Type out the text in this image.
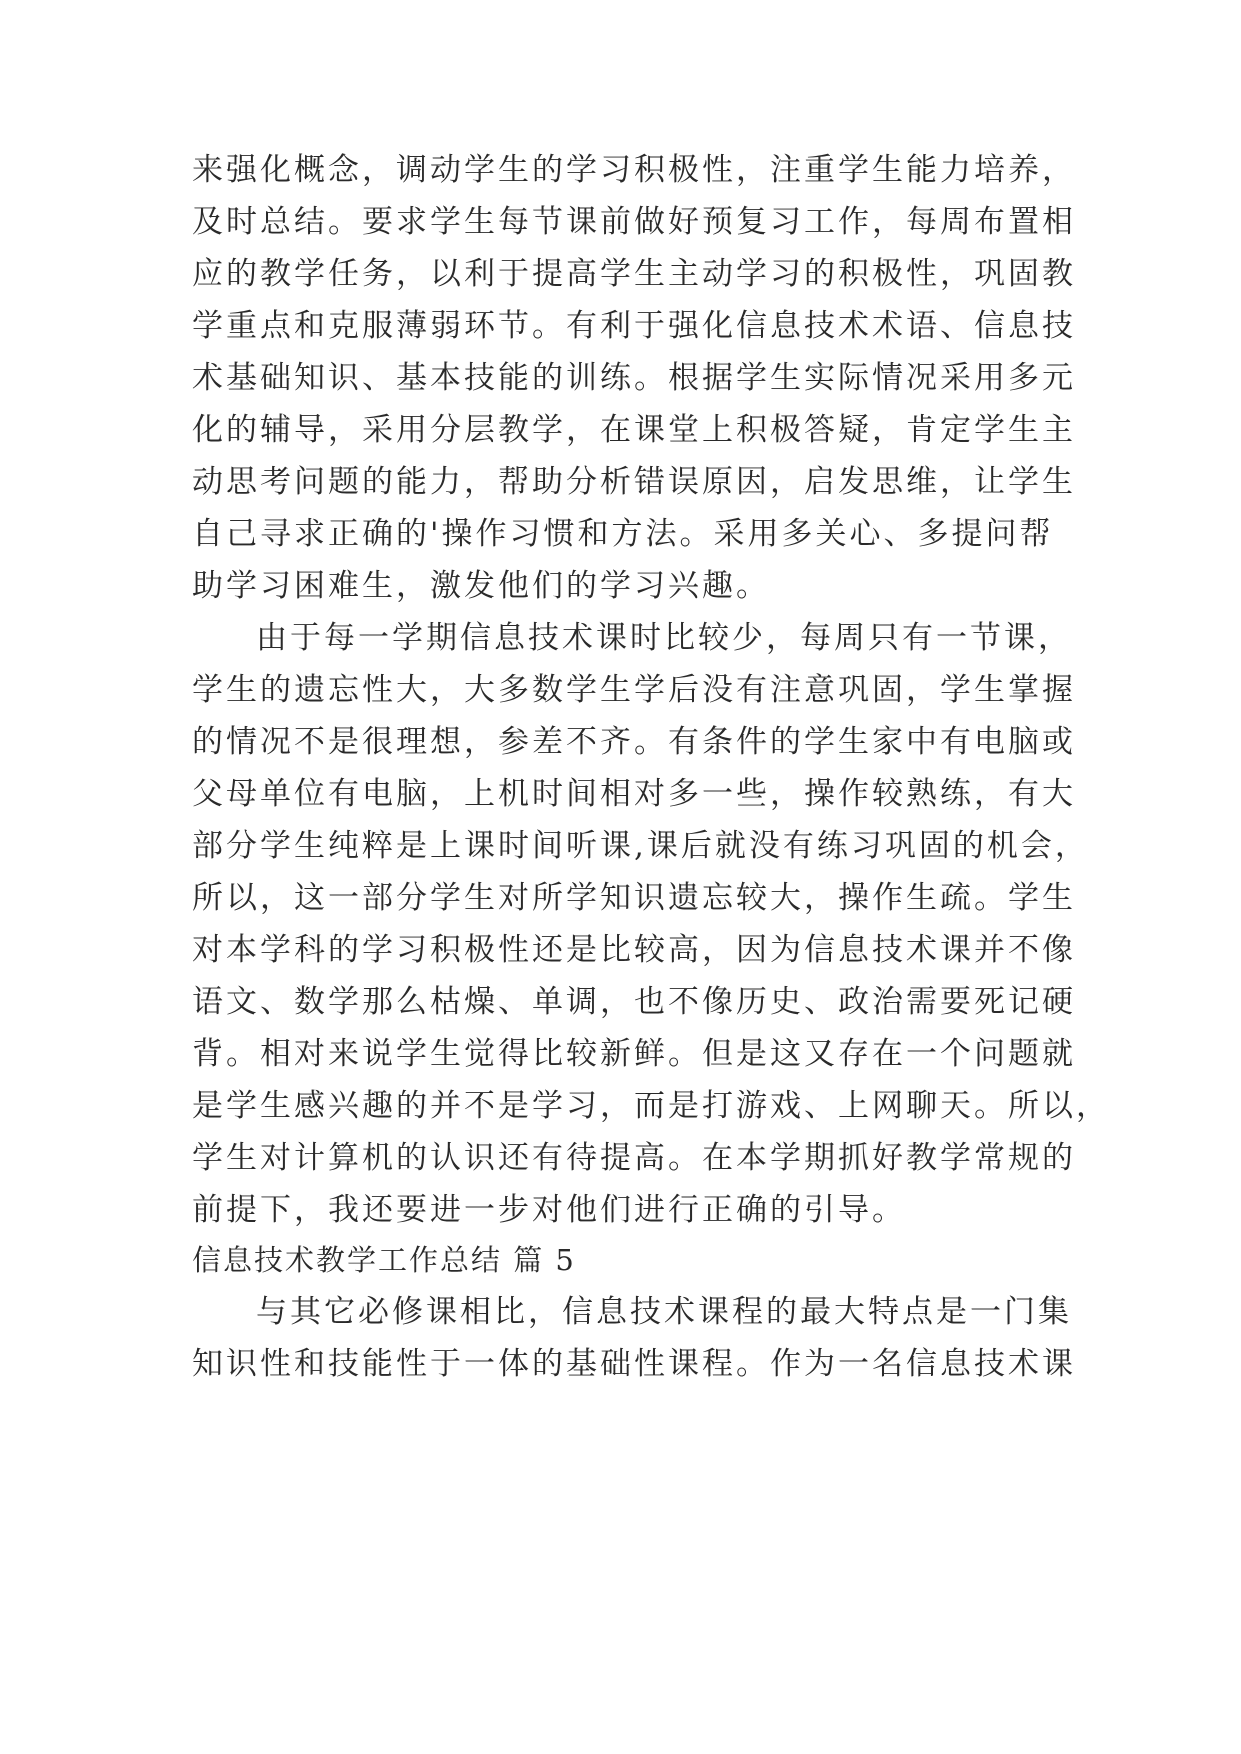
来强化概念，调动学生的学习积极性，注重学生能力培养，
及时总结。要求学生每节课前做好预复习工作，每周布置相
应的教学任务，以利于提高学生主动学习的积极性，巩固教
学重点和克服薄弱环节。有利于强化信息技术术语、信息技
术基础知识、基本技能的训练。根据学生实际情况采用多元
化的辅导，采用分层教学，在课堂上积极答疑，肯定学生主
动思考问题的能力，帮助分析错误原因，启发思维，让学生
自己寻求正确的'操作习惯和方法。采用多关心、多提问帮
助学习困难生，激发他们的学习兴趣。
由于每一学期信息技术课时比较少，每周只有一节课，
学生的遗忘性大，大多数学生学后没有注意巩固，学生掌握
的情况不是很理想，参差不齐。有条件的学生家中有电脑或
父母单位有电脑，上机时间相对多一些，操作较熟练，有大
部分学生纯粹是上课时间听课,课后就没有练习巩固的机会，
所以，这一部分学生对所学知识遗忘较大，操作生疏。学生
对本学科的学习积极性还是比较高，因为信息技术课并不像
语文、数学那么枯燥、单调，也不像历史、政治需要死记硬
背。相对来说学生觉得比较新鲜。但是这又存在一个问题就
是学生感兴趣的并不是学习，而是打游戏、上网聊天。所以，
学生对计算机的认识还有待提高。在本学期抓好教学常规的
前提下，我还要进一步对他们进行正确的引导。
信息技术教学工作总结 篇 5
与其它必修课相比，信息技术课程的最大特点是一门集
知识性和技能性于一体的基础性课程。作为一名信息技术课
